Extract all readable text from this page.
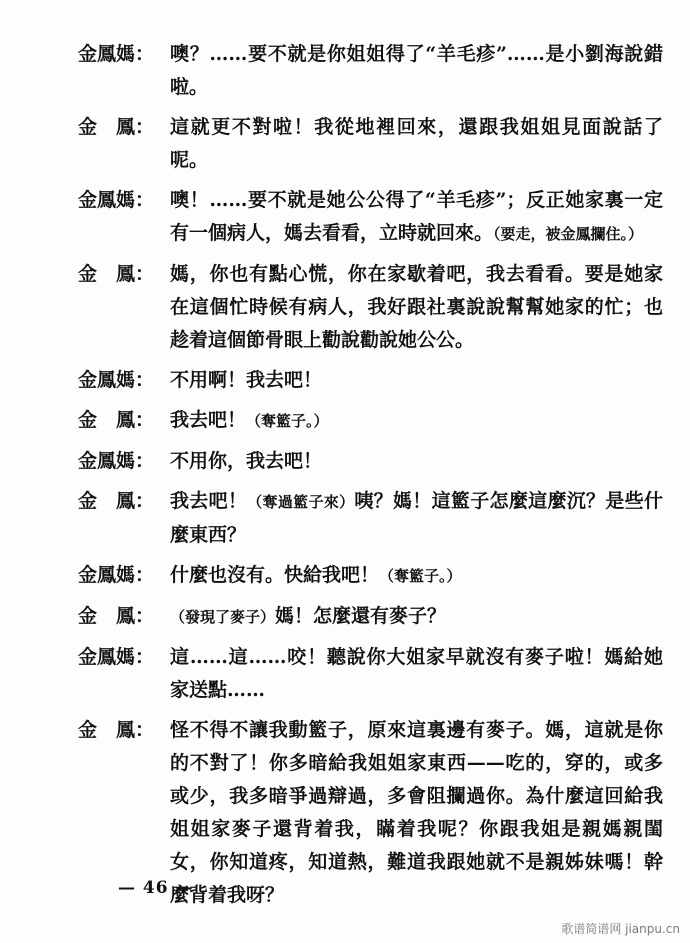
金鳳媽： 噢？……要不就是你姐姐得了“羊毛疹”……是小劉海說錯啦。
金　鳳： 這就更不對啦！我從地裡回來，還跟我姐姐見面說話了呢。
金鳳媽： 噢！……要不就是她公公得了“羊毛疹”；反正她家裏一定有一個病人，媽去看看，立時就回來。（要走，被金鳳攔住。）
金　鳳： 媽，你也有點心慌，你在家歇着吧，我去看看。要是她家在這個忙時候有病人，我好跟社裏說說幫幫她家的忙；也趁着這個節骨眼上勸說勸說她公公。
金鳳媽： 不用啊！我去吧！
金　鳳： 我去吧！（奪籃子。）
金鳳媽： 不用你，我去吧！
金　鳳： 我去吧！（奪過籃子來）咦？媽！這籃子怎麼這麼沉？是些什麼東西？
金鳳媽： 什麼也沒有。快給我吧！（奪籃子。）
金　鳳：	（發現了麥子）媽！怎麼還有麥子？
金鳳媽： 這……這……咬！聽說你大姐家早就沒有麥子啦！媽給她家送點……
金　鳳： 怪不得不讓我動籃子，原來這裏邊有麥子。媽，這就是你的不對了！你多暗給我姐姐家東西——吃的，穿的，或多或少，我多暗爭過辯過，多會阻攔過你。為什麼這回給我姐姐家麥子還背着我，瞞着我呢？你跟我姐是親媽親閨女，你知道疼，知道熱，難道我跟她就不是親姊妹嗎！幹麼背着我呀？
— 46 —
歌谱简谱网 jianpu.cn
